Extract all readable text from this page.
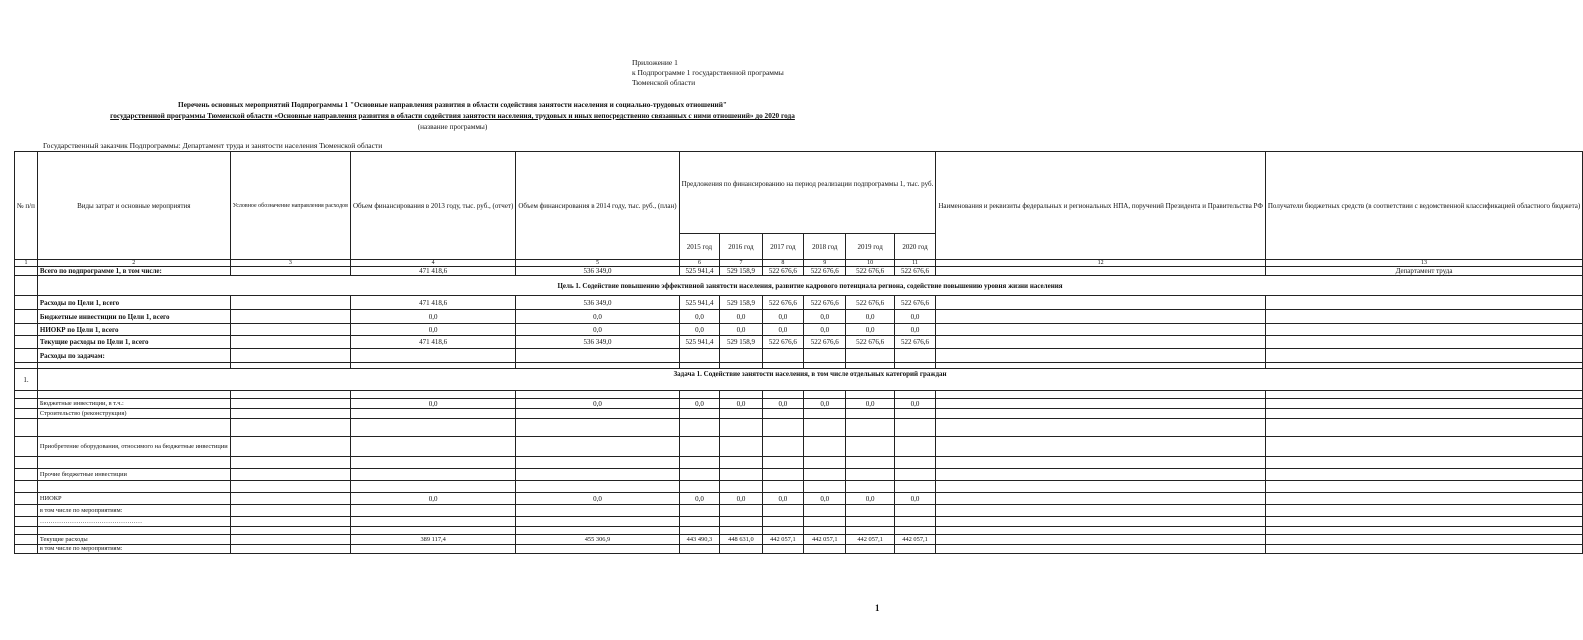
Приложение 1
к Подпрограмме 1 государственной программы
Тюменской области
Перечень основных мероприятий Подпрограммы 1 "Основные направления развития в области содействия занятости населения и социально-трудовых отношений"
государственной программы Тюменской области «Основные направления развития в области содействия занятости населения, трудовых и иных непосредственно связанных с ними отношений» до 2020 года
(название программы)
Государственный заказчик Подпрограммы: Департамент труда и занятости населения Тюменской области
№ п/п	Виды затрат и основные мероприятия	Условное обозначение направления расходов	Объем финансирования в 2013 году, тыс. руб., (отчет)	Объем финансирования в 2014 году, тыс. руб., (план)	Предложения по финансированию на период реализации подпрограммы 1, тыс. руб.						Наименования и реквизиты федеральных и региональных НПА, поручений Президента и Правительства РФ	Получатели бюджетных средств (в соответствии с ведомственной классификацией областного бюджета)
					2015 год	2016 год	2017 год	2018 год	2019 год	2020 год		
1	2	3	4	5	6	7	8	9	10	11	12	13
	Всего по подпрограмме 1, в том числе:		471 418,6	536 349,0	525 941,4	529 158,9	522 676,6	522 676,6	522 676,6	522 676,6		Департамент труда
	Цель 1. Содействие повышению эффективной занятости населения, развитие кадрового потенциала региона, содействие повышению уровня жизни населения											
	Расходы по Цели 1, всего		471 418,6	536 349,0	525 941,4	529 158,9	522 676,6	522 676,6	522 676,6	522 676,6		
	Бюджетные инвестиции по Цели 1, всего		0,0	0,0	0,0	0,0	0,0	0,0	0,0	0,0		
	НИОКР по Цели 1, всего		0,0	0,0	0,0	0,0	0,0	0,0	0,0	0,0		
	Текущие расходы по Цели 1, всего		471 418,6	536 349,0	525 941,4	529 158,9	522 676,6	522 676,6	522 676,6	522 676,6		
	Расходы по задачам:											

1.	Задача 1. Содействие занятости населения, в том числе отдельных категорий граждан											

	Бюджетные инвестиции, в т.ч.:		0,0	0,0	0,0	0,0	0,0	0,0	0,0	0,0		
	Строительство (реконструкция)											

	Приобретение оборудования, относимого на бюджетные инвестиции											

	Прочие бюджетные инвестиции											

	НИОКР		0,0	0,0	0,0	0,0	0,0	0,0	0,0	0,0		
	в том числе по мероприятиям:											
	…………………………………………											

	Текущие расходы		389 117,4	455 306,9	443 490,3	448 631,0	442 057,1	442 057,1	442 057,1	442 057,1		
	в том числе по мероприятиям:											
1
